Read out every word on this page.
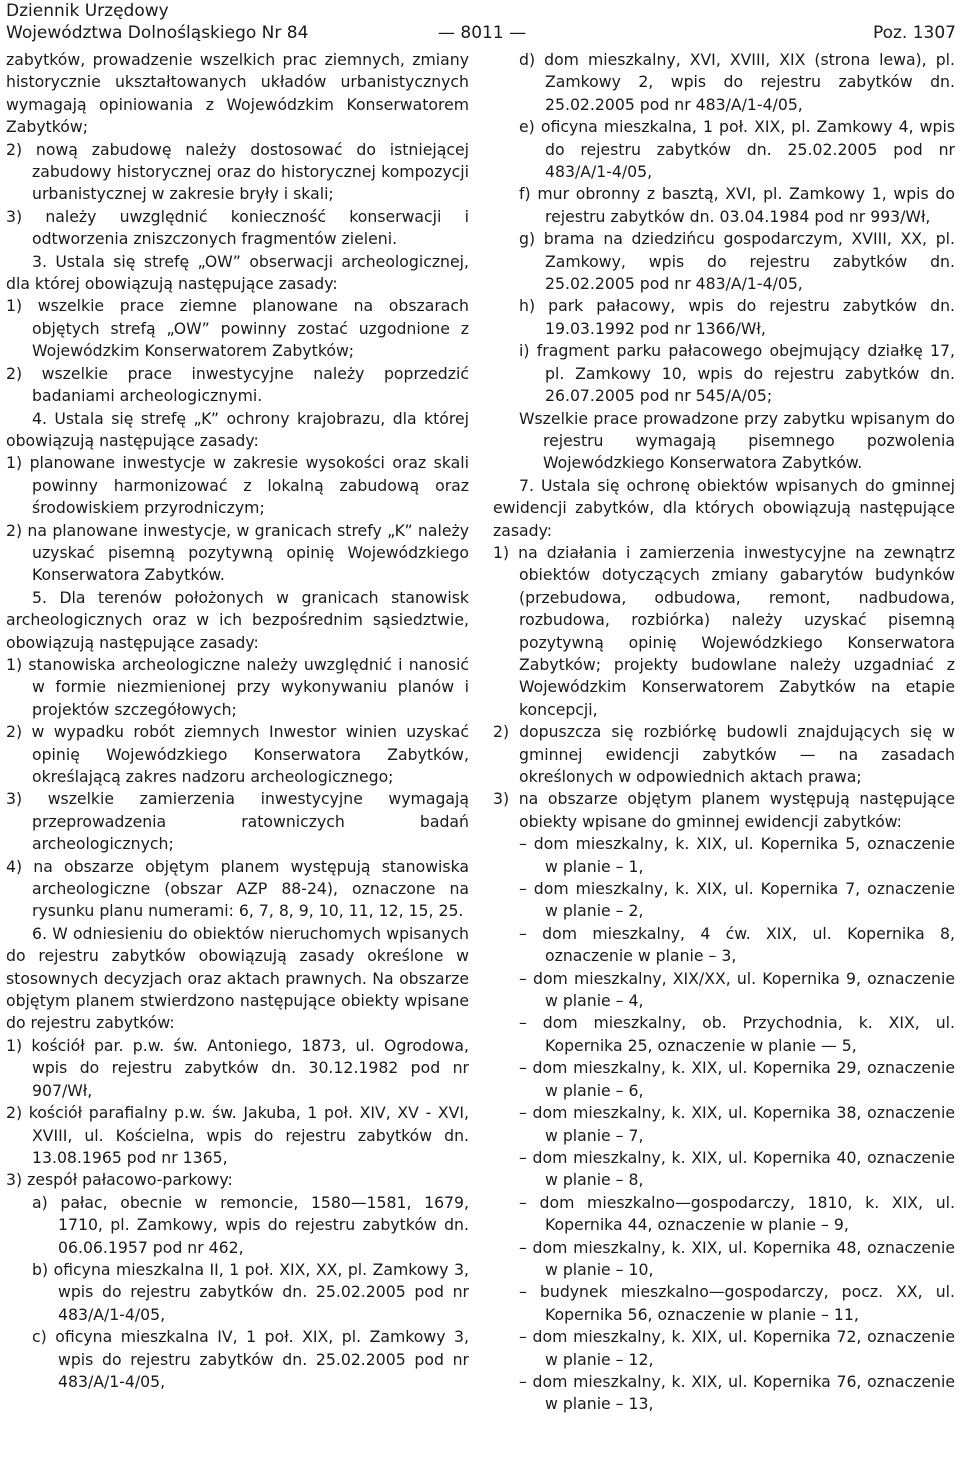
Dziennik Urzędowy
Województwa Dolnośląskiego Nr 84	— 8011 —	Poz. 1307

zabytków, prowadzenie wszelkich prac ziemnych, zmiany historycznie ukształtowanych układów urbanistycznych wymagają opiniowania z Wojewódzkim Konserwatorem Zabytków;

2) nową zabudowę należy dostosować do istniejącej zabudowy historycznej oraz do historycznej kompozycji urbanistycznej w zakresie bryły i skali;

3) należy uwzględnić konieczność konserwacji i odtworzenia zniszczonych fragmentów zieleni.

3. Ustala się strefę „OW” obserwacji archeologicznej, dla której obowiązują następujące zasady:

1) wszelkie prace ziemne planowane na obszarach objętych strefą „OW” powinny zostać uzgodnione z Wojewódzkim Konserwatorem Zabytków;

2) wszelkie prace inwestycyjne należy poprzedzić badaniami archeologicznymi.

4. Ustala się strefę „K” ochrony krajobrazu, dla której obowiązują następujące zasady:

1) planowane inwestycje w zakresie wysokości oraz skali powinny harmonizować z lokalną zabudową oraz środowiskiem przyrodniczym;

2) na planowane inwestycje, w granicach strefy „K” należy uzyskać pisemną pozytywną opinię Wojewódzkiego Konserwatora Zabytków.

5. Dla terenów położonych w granicach stanowisk archeologicznych oraz w ich bezpośrednim sąsiedztwie, obowiązują następujące zasady:

1) stanowiska archeologiczne należy uwzględnić i nanosić w formie niezmienionej przy wykonywaniu planów i projektów szczegółowych;

2) w wypadku robót ziemnych Inwestor winien uzyskać opinię Wojewódzkiego Konserwatora Zabytków, określającą zakres nadzoru archeologicznego;

3) wszelkie zamierzenia inwestycyjne wymagają przeprowadzenia ratowniczych badań archeologicznych;

4) na obszarze objętym planem występują stanowiska archeologiczne (obszar AZP 88-24), oznaczone na rysunku planu numerami: 6, 7, 8, 9, 10, 11, 12, 15, 25.

6. W odniesieniu do obiektów nieruchomych wpisanych do rejestru zabytków obowiązują zasady określone w stosownych decyzjach oraz aktach prawnych. Na obszarze objętym planem stwierdzono następujące obiekty wpisane do rejestru zabytków:

1) kościół par. p.w. św. Antoniego, 1873, ul. Ogrodowa, wpis do rejestru zabytków dn. 30.12.1982 pod nr 907/Wł,

2) kościół parafialny p.w. św. Jakuba, 1 poł. XIV, XV - XVI, XVIII, ul. Kościelna, wpis do rejestru zabytków dn. 13.08.1965 pod nr 1365,

3) zespół pałacowo-parkowy:

a) pałac, obecnie w remoncie, 1580—1581, 1679, 1710, pl. Zamkowy, wpis do rejestru zabytków dn. 06.06.1957 pod nr 462,

b) oficyna mieszkalna II, 1 poł. XIX, XX, pl. Zamkowy 3, wpis do rejestru zabytków dn. 25.02.2005 pod nr 483/A/1-4/05,

c) oficyna mieszkalna IV, 1 poł. XIX, pl. Zamkowy 3, wpis do rejestru zabytków dn. 25.02.2005 pod nr 483/A/1-4/05,

d) dom mieszkalny, XVI, XVIII, XIX (strona lewa), pl. Zamkowy 2, wpis do rejestru zabytków dn. 25.02.2005 pod nr 483/A/1-4/05,

e) oficyna mieszkalna, 1 poł. XIX, pl. Zamkowy 4, wpis do rejestru zabytków dn. 25.02.2005 pod nr 483/A/1-4/05,

f) mur obronny z basztą, XVI, pl. Zamkowy 1, wpis do rejestru zabytków dn. 03.04.1984 pod nr 993/Wł,

g) brama na dziedzińcu gospodarczym, XVIII, XX, pl. Zamkowy, wpis do rejestru zabytków dn. 25.02.2005 pod nr 483/A/1-4/05,

h) park pałacowy, wpis do rejestru zabytków dn. 19.03.1992 pod nr 1366/Wł,

i) fragment parku pałacowego obejmujący działkę 17, pl. Zamkowy 10, wpis do rejestru zabytków dn. 26.07.2005 pod nr 545/A/05;

Wszelkie prace prowadzone przy zabytku wpisanym do rejestru wymagają pisemnego pozwolenia Wojewódzkiego Konserwatora Zabytków.

7. Ustala się ochronę obiektów wpisanych do gminnej ewidencji zabytków, dla których obowiązują następujące zasady:

1) na działania i zamierzenia inwestycyjne na zewnątrz obiektów dotyczących zmiany gabarytów budynków (przebudowa, odbudowa, remont, nadbudowa, rozbudowa, rozbiórka) należy uzyskać pisemną pozytywną opinię Wojewódzkiego Konserwatora Zabytków; projekty budowlane należy uzgadniać z Wojewódzkim Konserwatorem Zabytków na etapie koncepcji,

2) dopuszcza się rozbiórkę budowli znajdujących się w gminnej ewidencji zabytków — na zasadach określonych w odpowiednich aktach prawa;

3) na obszarze objętym planem występują następujące obiekty wpisane do gminnej ewidencji zabytków:

– dom mieszkalny, k. XIX, ul. Kopernika 5, oznaczenie w planie – 1,

– dom mieszkalny, k. XIX, ul. Kopernika 7, oznaczenie w planie – 2,

– dom mieszkalny, 4 ćw. XIX, ul. Kopernika 8, oznaczenie w planie – 3,

– dom mieszkalny, XIX/XX, ul. Kopernika 9, oznaczenie w planie – 4,

– dom mieszkalny, ob. Przychodnia, k. XIX, ul. Kopernika 25, oznaczenie w planie — 5,

– dom mieszkalny, k. XIX, ul. Kopernika 29, oznaczenie w planie – 6,

– dom mieszkalny, k. XIX, ul. Kopernika 38, oznaczenie w planie – 7,

– dom mieszkalny, k. XIX, ul. Kopernika 40, oznaczenie w planie – 8,

– dom mieszkalno—gospodarczy, 1810, k. XIX, ul. Kopernika 44, oznaczenie w planie – 9,

– dom mieszkalny, k. XIX, ul. Kopernika 48, oznaczenie w planie – 10,

– budynek mieszkalno—gospodarczy, pocz. XX, ul. Kopernika 56, oznaczenie w planie – 11,

– dom mieszkalny, k. XIX, ul. Kopernika 72, oznaczenie w planie – 12,

– dom mieszkalny, k. XIX, ul. Kopernika 76, oznaczenie w planie – 13,
